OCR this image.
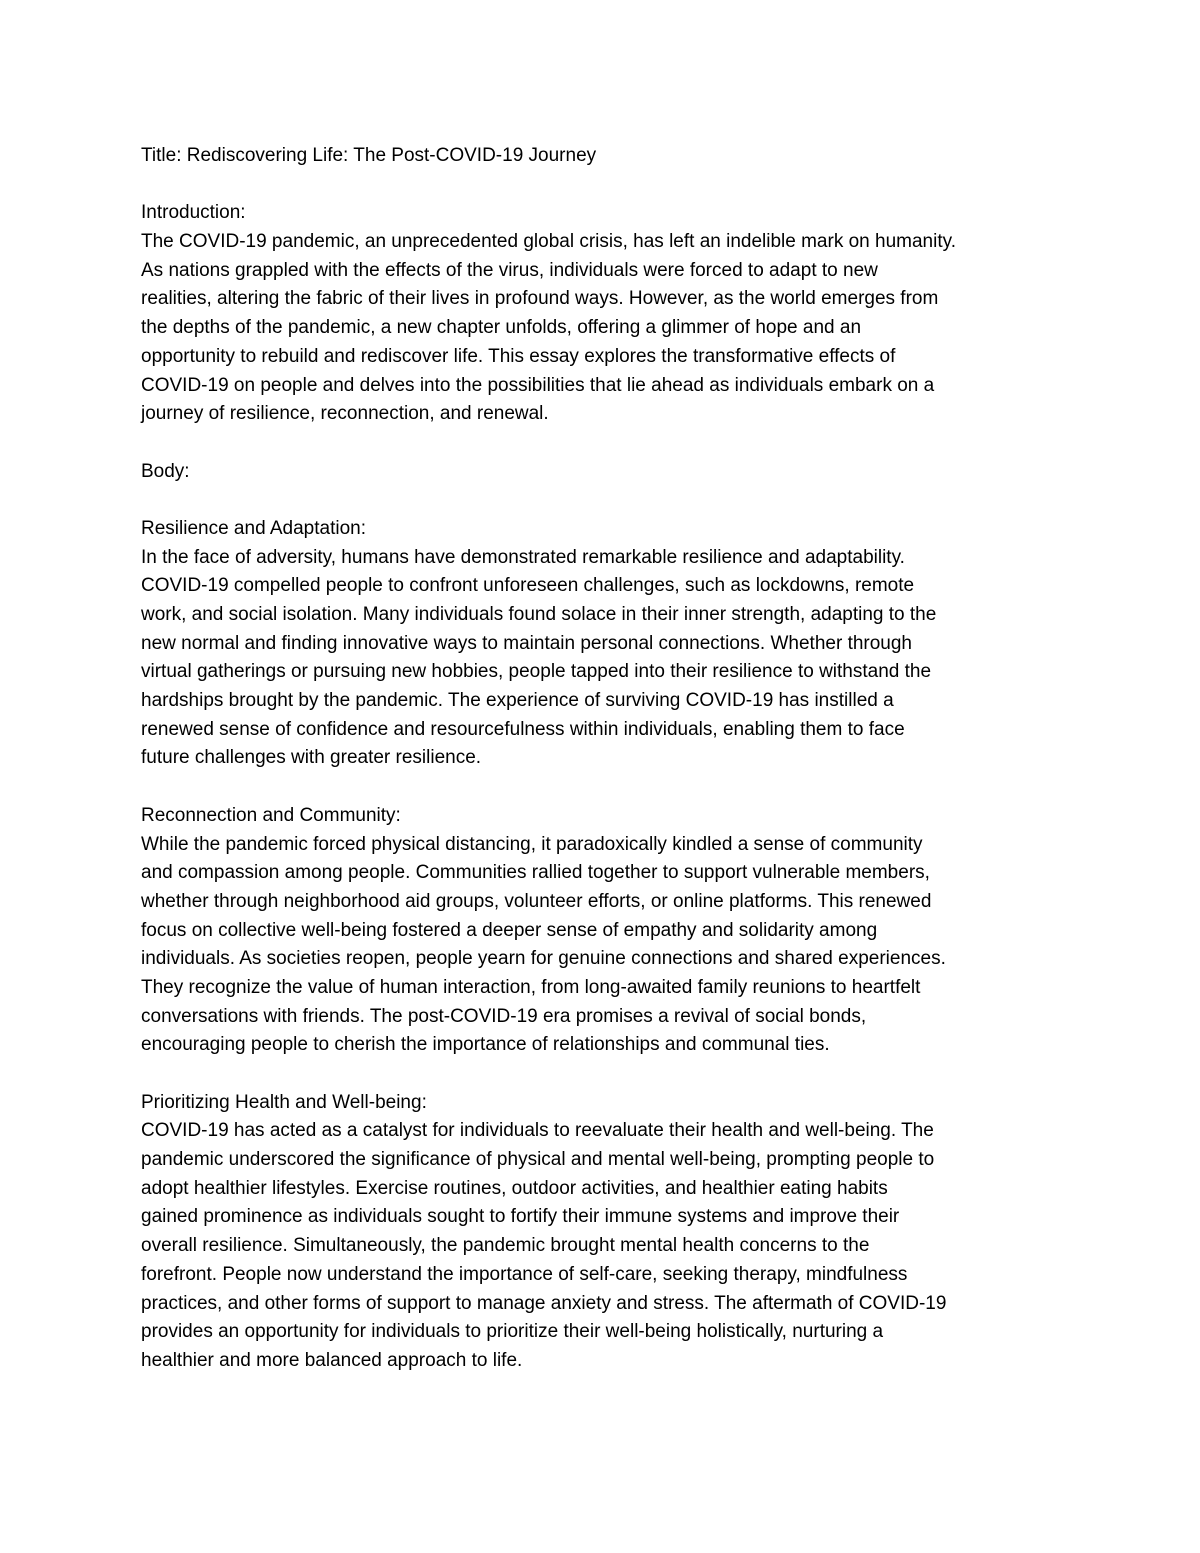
Title: Rediscovering Life: The Post-COVID-19 Journey
Introduction:
The COVID-19 pandemic, an unprecedented global crisis, has left an indelible mark on humanity.
As nations grappled with the effects of the virus, individuals were forced to adapt to new
realities, altering the fabric of their lives in profound ways. However, as the world emerges from
the depths of the pandemic, a new chapter unfolds, offering a glimmer of hope and an
opportunity to rebuild and rediscover life. This essay explores the transformative effects of
COVID-19 on people and delves into the possibilities that lie ahead as individuals embark on a
journey of resilience, reconnection, and renewal.
Body:
Resilience and Adaptation:
In the face of adversity, humans have demonstrated remarkable resilience and adaptability.
COVID-19 compelled people to confront unforeseen challenges, such as lockdowns, remote
work, and social isolation. Many individuals found solace in their inner strength, adapting to the
new normal and finding innovative ways to maintain personal connections. Whether through
virtual gatherings or pursuing new hobbies, people tapped into their resilience to withstand the
hardships brought by the pandemic. The experience of surviving COVID-19 has instilled a
renewed sense of confidence and resourcefulness within individuals, enabling them to face
future challenges with greater resilience.
Reconnection and Community:
While the pandemic forced physical distancing, it paradoxically kindled a sense of community
and compassion among people. Communities rallied together to support vulnerable members,
whether through neighborhood aid groups, volunteer efforts, or online platforms. This renewed
focus on collective well-being fostered a deeper sense of empathy and solidarity among
individuals. As societies reopen, people yearn for genuine connections and shared experiences.
They recognize the value of human interaction, from long-awaited family reunions to heartfelt
conversations with friends. The post-COVID-19 era promises a revival of social bonds,
encouraging people to cherish the importance of relationships and communal ties.
Prioritizing Health and Well-being:
COVID-19 has acted as a catalyst for individuals to reevaluate their health and well-being. The
pandemic underscored the significance of physical and mental well-being, prompting people to
adopt healthier lifestyles. Exercise routines, outdoor activities, and healthier eating habits
gained prominence as individuals sought to fortify their immune systems and improve their
overall resilience. Simultaneously, the pandemic brought mental health concerns to the
forefront. People now understand the importance of self-care, seeking therapy, mindfulness
practices, and other forms of support to manage anxiety and stress. The aftermath of COVID-19
provides an opportunity for individuals to prioritize their well-being holistically, nurturing a
healthier and more balanced approach to life.
